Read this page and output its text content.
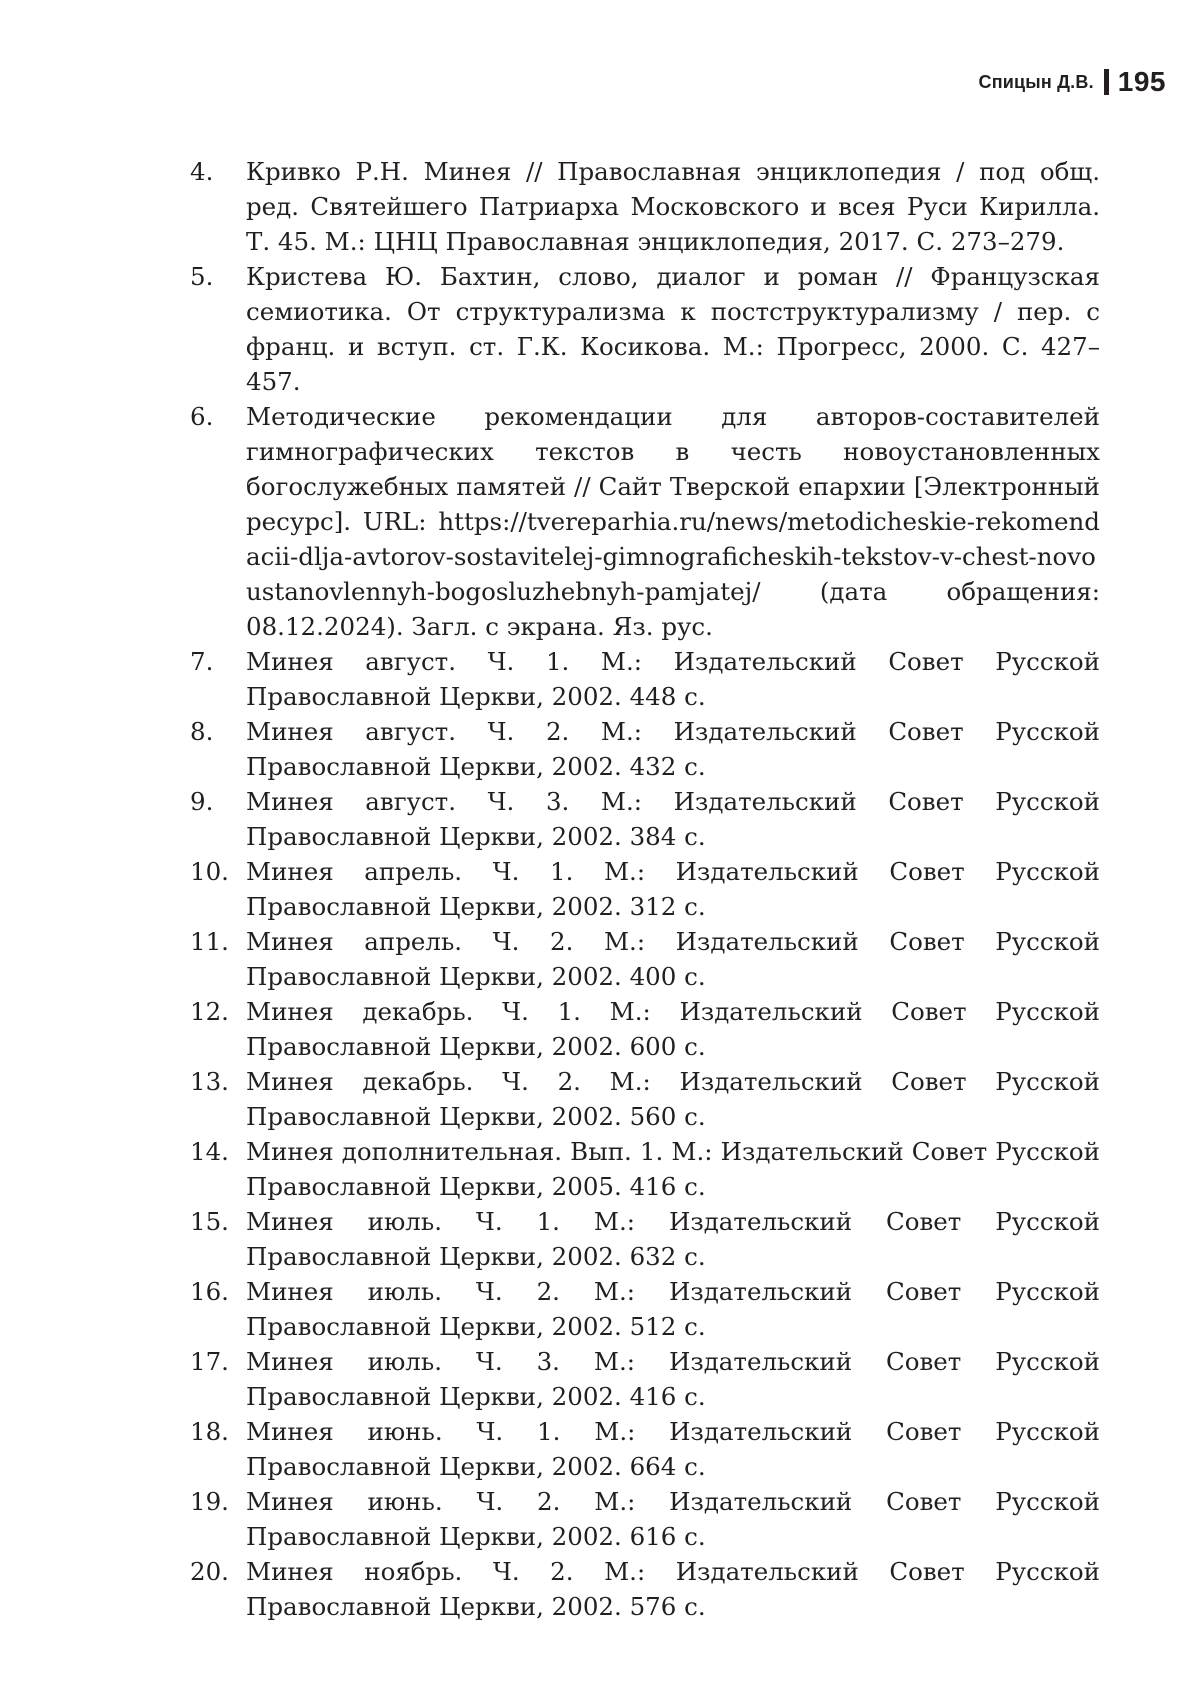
Спицын Д.В. 195
4.	Кривко Р.Н. Минея // Православная энциклопедия / под общ. ред. Святейшего Патриарха Московского и всея Руси Кирилла. Т. 45. М.: ЦНЦ Православная энциклопедия, 2017. С. 273–279.
5.	Кристева Ю. Бахтин, слово, диалог и роман // Французская семиотика. От структурализма к постструктурализму / пер. с франц. и вступ. ст. Г.К. Косикова. М.: Прогресс, 2000. С. 427–457.
6.	Методические рекомендации для авторов-составителей гимнографических текстов в честь новоустановленных богослужебных памятей // Сайт Тверской епархии [Электронный ресурс]. URL: https://tvereparhia.ru/news/metodicheskie-rekomendacii-dlja-avtorov-sostavitelej-gimnograficheskih-tekstov-v-chest-novoustanovlennyh-bogosluzhebnyh-pamjatej/ (дата обращения: 08.12.2024). Загл. с экрана. Яз. рус.
7.	Минея август. Ч. 1. М.: Издательский Совет Русской Православной Церкви, 2002. 448 с.
8.	Минея август. Ч. 2. М.: Издательский Совет Русской Православной Церкви, 2002. 432 с.
9.	Минея август. Ч. 3. М.: Издательский Совет Русской Православной Церкви, 2002. 384 с.
10. Минея апрель. Ч. 1. М.: Издательский Совет Русской Православной Церкви, 2002. 312 с.
11. Минея апрель. Ч. 2. М.: Издательский Совет Русской Православной Церкви, 2002. 400 с.
12. Минея декабрь. Ч. 1. М.: Издательский Совет Русской Православной Церкви, 2002. 600 с.
13. Минея декабрь. Ч. 2. М.: Издательский Совет Русской Православной Церкви, 2002. 560 с.
14. Минея дополнительная. Вып. 1. М.: Издательский Совет Русской Православной Церкви, 2005. 416 с.
15. Минея июль. Ч. 1. М.: Издательский Совет Русской Православной Церкви, 2002. 632 с.
16. Минея июль. Ч. 2. М.: Издательский Совет Русской Православной Церкви, 2002. 512 с.
17. Минея июль. Ч. 3. М.: Издательский Совет Русской Православной Церкви, 2002. 416 с.
18. Минея июнь. Ч. 1. М.: Издательский Совет Русской Православной Церкви, 2002. 664 с.
19. Минея июнь. Ч. 2. М.: Издательский Совет Русской Православной Церкви, 2002. 616 с.
20. Минея ноябрь. Ч. 2. М.: Издательский Совет Русской Православной Церкви, 2002. 576 с.
